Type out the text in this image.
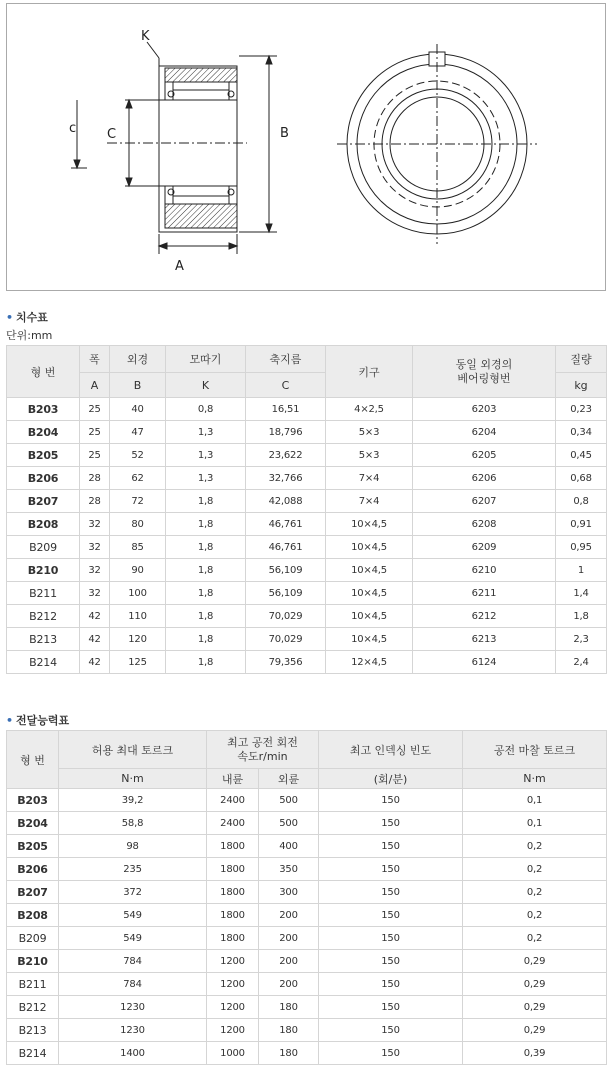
K
c C	B
A
• 치수표
단위:mm
형 번	폭	외경	모따기	축지름	키구	동일 외경의
베어링형번	질량
	A	B	K	C			kg
B203	25	40	0,8	16,51	4×2,5	6203	0,23
B204	25	47	1,3	18,796	5×3	6204	0,34
B205	25	52	1,3	23,622	5×3	6205	0,45
B206	28	62	1,3	32,766	7×4	6206	0,68
B207	28	72	1,8	42,088	7×4	6207	0,8
B208	32	80	1,8	46,761	10×4,5	6208	0,91
B209	32	85	1,8	46,761	10×4,5	6209	0,95
B210	32	90	1,8	56,109	10×4,5	6210	1
B211	32	100	1,8	56,109	10×4,5	6211	1,4
B212	42	110	1,8	70,029	10×4,5	6212	1,8
B213	42	120	1,8	70,029	10×4,5	6213	2,3
B214	42	125	1,8	79,356	12×4,5	6124	2,4
• 전달능력표
형 번	허용 최대 토르크	최고 공전 회전
속도r/min		최고 인덱싱 빈도	공전 마찰 토르크
	N·m	내륜	외륜	(회/분)	N·m
B203	39,2	2400	500	150	0,1
B204	58,8	2400	500	150	0,1
B205	98	1800	400	150	0,2
B206	235	1800	350	150	0,2
B207	372	1800	300	150	0,2
B208	549	1800	200	150	0,2
B209	549	1800	200	150	0,2
B210	784	1200	200	150	0,29
B211	784	1200	200	150	0,29
B212	1230	1200	180	150	0,29
B213	1230	1200	180	150	0,29
B214	1400	1000	180	150	0,39
